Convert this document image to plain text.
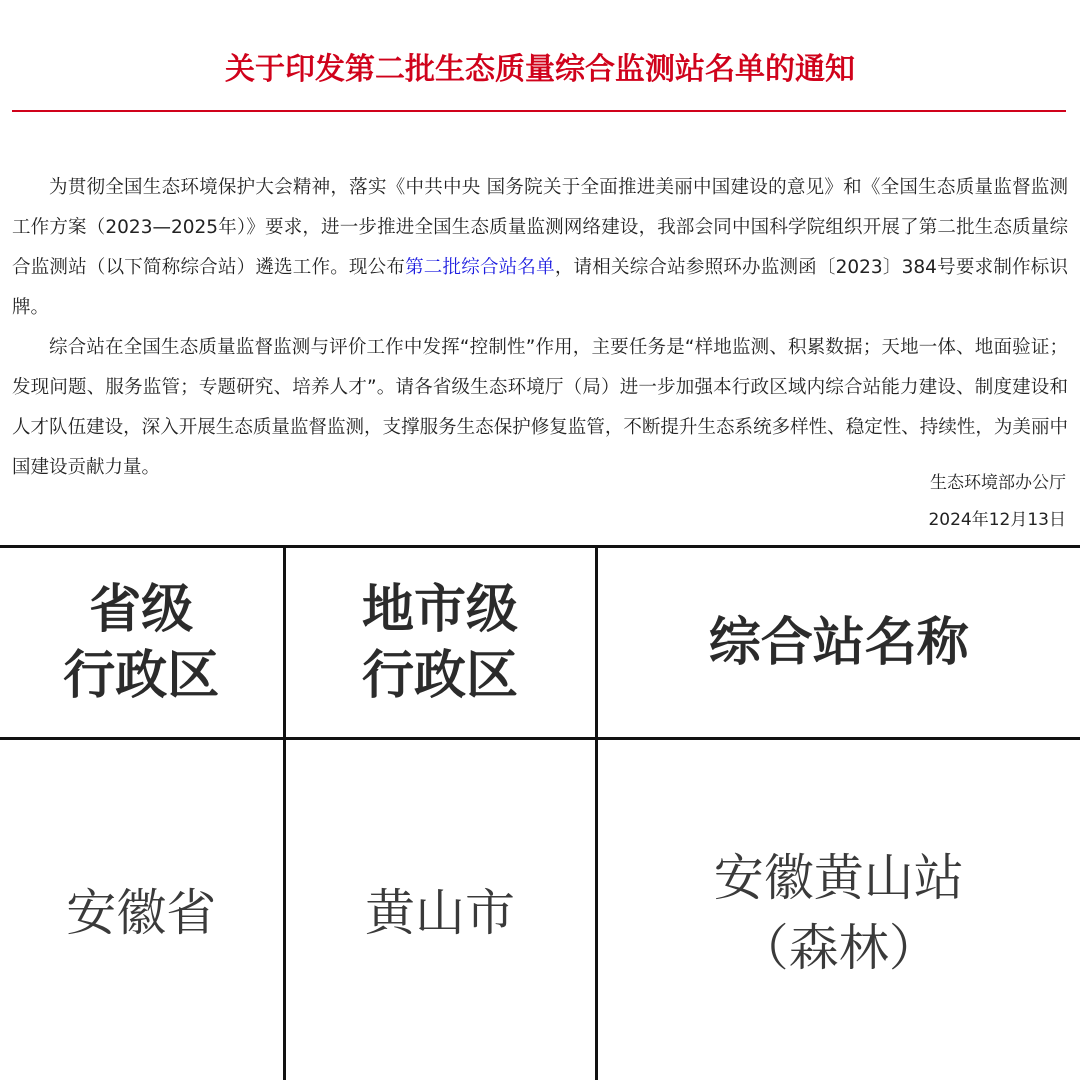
关于印发第二批生态质量综合监测站名单的通知

为贯彻全国生态环境保护大会精神，落实《中共中央 国务院关于全面推进美丽中国建设的意见》和《全国生态质量监督监测工作方案（2023—2025年）》要求，进一步推进全国生态质量监测网络建设，我部会同中国科学院组织开展了第二批生态质量综合监测站（以下简称综合站）遴选工作。现公布第二批综合站名单，请相关综合站参照环办监测函〔2023〕384号要求制作标识牌。

综合站在全国生态质量监督监测与评价工作中发挥“控制性”作用，主要任务是“样地监测、积累数据；天地一体、地面验证；发现问题、服务监管；专题研究、培养人才”。请各省级生态环境厅（局）进一步加强本行政区域内综合站能力建设、制度建设和人才队伍建设，深入开展生态质量监督监测，支撑服务生态保护修复监管，不断提升生态系统多样性、稳定性、持续性，为美丽中国建设贡献力量。

生态环境部办公厅
2024年12月13日
省级
行政区	地市级
行政区	综合站名称

安徽省	黄山市	安徽黄山站
（森林）
